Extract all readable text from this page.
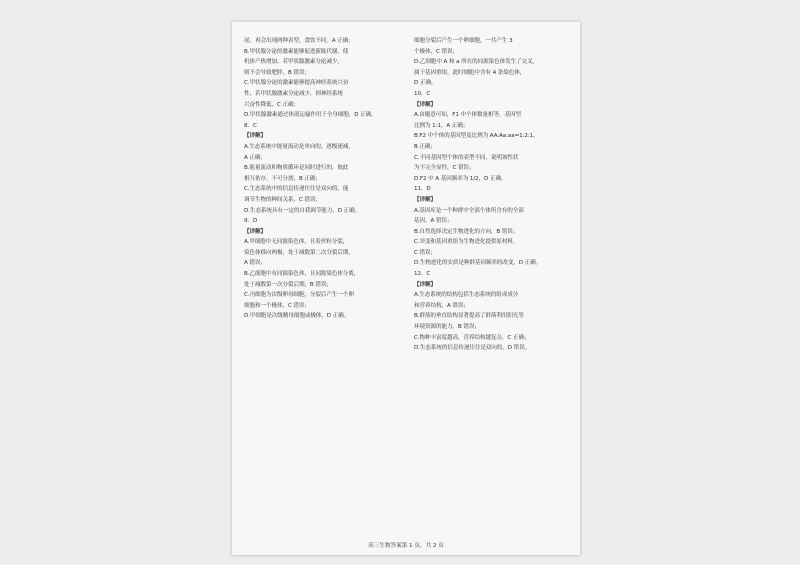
尾，再会出现两种表型，食饮不同。A 正确；
B.甲状腺分泌的激素能够促进新陈代谢，使
机体产热增加，若甲状腺激素分泌减少，
则不会导致肥胖，B 错误；
C.甲状腺分泌的激素能够提高神经系统兴奋
性，若甲状腺激素分泌减少，则神经系统
兴奋性降低，C 正确；
D.甲状腺激素通过体液运输作用于全身细胞，D 正确。
8．C
【详解】
A.生态系统中能量流动是单向的，逐级递减，
A 正确；
B.能量流动和物质循环是同时进行的，彼此
相互依存，不可分割，B 正确；
C.生态系统中的信息传递往往是双向的，能
调节生物的种间关系，C 错误；
D.生态系统具有一定的自我调节能力，D 正确。
9．D
【详解】
A.甲细胞中无同源染色体，且着丝粒分裂，
染色体移向两极，处于减数第二次分裂后期，
A 错误；
B.乙细胞中有同源染色体，且同源染色体分离，
处于减数第一次分裂后期，B 错误；
C.丙细胞为次级卵母细胞，分裂后产生一个卵
细胞和一个极体，C 错误；
D.甲细胞是次级精母细胞或极体，D 正确。
细胞分裂后产生一个卵细胞，一共产生 3
个极体，C 错误；
D.乙细胞中 A 和 a 所在的同源染色体发生了交叉，
属于基因重组，此时细胞中含有 4 条染色体，
D 正确。
10．C
【详解】
A.由题意可知，F1 中个体数量相等，基因型
比例为 1:1，A 正确；
B.F2 中个体的基因型及比例为 AA:Aa:aa=1:2:1，
B 正确；
C.不同基因型个体的表型不同，说明该性状
为不完全显性，C 错误；
D.F2 中 A 基因频率为 1/2，D 正确。
11．D
【详解】
A.基因库是一个种群中全部个体所含有的全部
基因，A 错误；
B.自然选择决定生物进化的方向，B 错误；
C.突变和基因重组为生物进化提供原材料，
C 错误；
D.生物进化的实质是种群基因频率的改变，D 正确。
12．C
【详解】
A.生态系统的结构包括生态系统的组成成分
和营养结构，A 错误；
B.群落的垂直结构显著提高了群落利用阳光等
环境资源的能力，B 错误；
C.物种丰富度越高，营养结构越复杂，C 正确；
D.生态系统的信息传递往往是双向的，D 错误。
高三生物答案第 1 页，共 2 页
